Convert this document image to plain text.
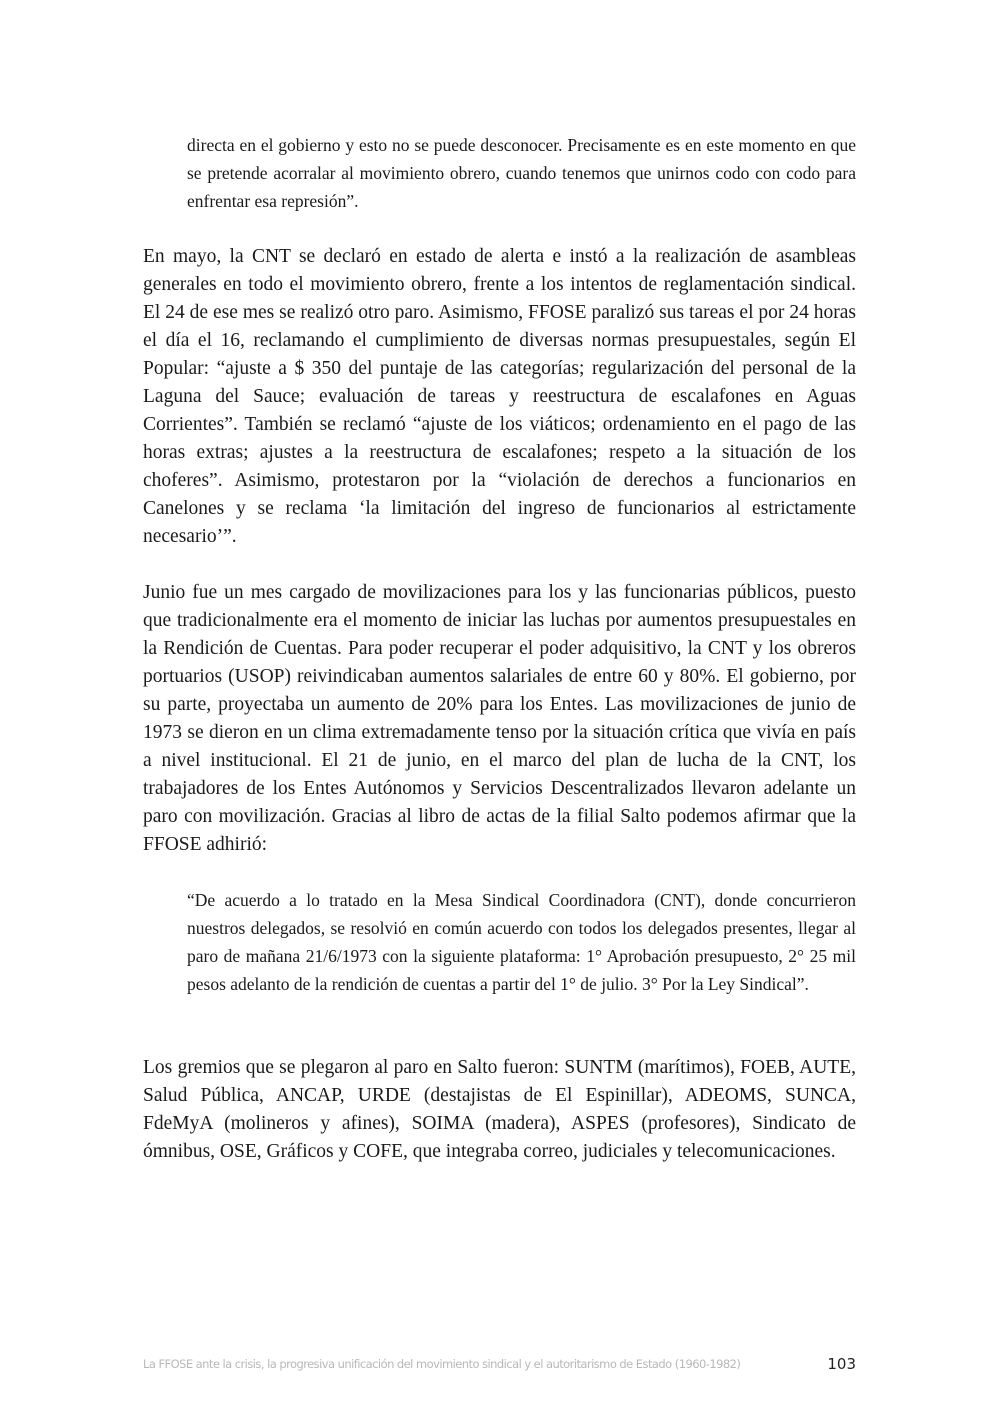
directa en el gobierno y esto no se puede desconocer. Precisamente es en este momento en que se pretende acorralar al movimiento obrero, cuando tenemos que unirnos codo con codo para enfrentar esa represión”.

En mayo, la CNT se declaró en estado de alerta e instó a la realización de asambleas generales en todo el movimiento obrero, frente a los intentos de reglamentación sindical. El 24 de ese mes se realizó otro paro. Asimismo, FFOSE paralizó sus tareas el por 24 horas el día el 16, reclamando el cumplimiento de diversas normas presupuestales, según El Popular: “ajuste a $ 350 del puntaje de las categorías; regularización del personal de la Laguna del Sauce; evaluación de tareas y reestructura de escalafones en Aguas Corrientes”. También se reclamó “ajuste de los viáticos; ordenamiento en el pago de las horas extras; ajustes a la reestructura de escalafones; respeto a la situación de los choferes”. Asimismo, protestaron por la “violación de derechos a funcionarios en Canelones y se reclama ‘la limitación del ingreso de funcionarios al estrictamente necesario’”.

Junio fue un mes cargado de movilizaciones para los y las funcionarias públicos, puesto que tradicionalmente era el momento de iniciar las luchas por aumentos presupuestales en la Rendición de Cuentas. Para poder recuperar el poder adquisitivo, la CNT y los obreros portuarios (USOP) reivindicaban aumentos salariales de entre 60 y 80%. El gobierno, por su parte, proyectaba un aumento de 20% para los Entes. Las movilizaciones de junio de 1973 se dieron en un clima extremadamente tenso por la situación crítica que vivía en país a nivel institucional. El 21 de junio, en el marco del plan de lucha de la CNT, los trabajadores de los Entes Autónomos y Servicios Descentralizados llevaron adelante un paro con movilización. Gracias al libro de actas de la filial Salto podemos afirmar que la FFOSE adhirió:

“De acuerdo a lo tratado en la Mesa Sindical Coordinadora (CNT), donde concurrieron nuestros delegados, se resolvió en común acuerdo con todos los delegados presentes, llegar al paro de mañana 21/6/1973 con la siguiente plataforma: 1° Aprobación presupuesto, 2° 25 mil pesos adelanto de la rendición de cuentas a partir del 1° de julio. 3° Por la Ley Sindical”.

Los gremios que se plegaron al paro en Salto fueron: SUNTM (marítimos), FOEB, AUTE, Salud Pública, ANCAP, URDE (destajistas de El Espinillar), ADEOMS, SUNCA, FdeMyA (molineros y afines), SOIMA (madera), ASPES (profesores), Sindicato de ómnibus, OSE, Gráficos y COFE, que integraba correo, judiciales y telecomunicaciones.

La FFOSE ante la crisis, la progresiva unificación del movimiento sindical y el autoritarismo de Estado (1960-1982)	103
